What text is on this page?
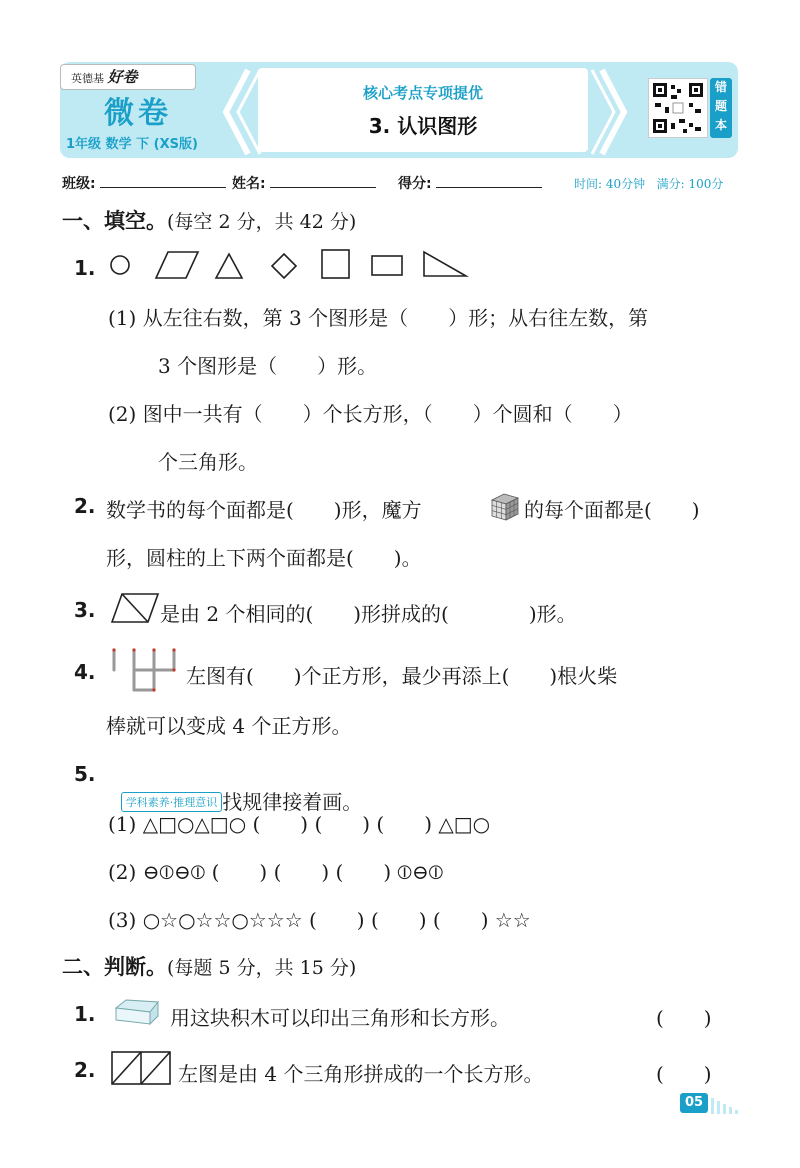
英德基 好卷
微卷
1年级 数学 下 (XS版)
核心考点专项提优
3. 认识图形
错题本
班级:	姓名:	得分:	时间: 40分钟 满分: 100分
一、填空。(每空 2 分，共 42 分)
1.
(1) 从左往右数，第 3 个图形是（　　）形；从右往左数，第
3 个图形是（　　）形。
(2) 图中一共有（　　）个长方形，（　　）个圆和（　　）
个三角形。
2. 数学书的每个面都是(　　)形，魔方	的每个面都是(　　)
形，圆柱的上下两个面都是(　　)。
3.	是由 2 个相同的(　　)形拼成的(　　　　)形。
4.	左图有(　　)个正方形，最少再添上(　　)根火柴
棒就可以变成 4 个正方形。
5.

学科素养·推理意识 找规律接着画。

(1) △□○△□○ (　　) (　　) (　　) △□○
(2) ⊖⦶⊖⦶ (　　) (　　) (　　) ⦶⊖⦶
(3) ○☆○☆☆○☆☆☆ (　　) (　　) (　　) ☆☆
二、判断。(每题 5 分，共 15 分)
1.	用这块积木可以印出三角形和长方形。	(　　)
2.	左图是由 4 个三角形拼成的一个长方形。	(　　)
05
